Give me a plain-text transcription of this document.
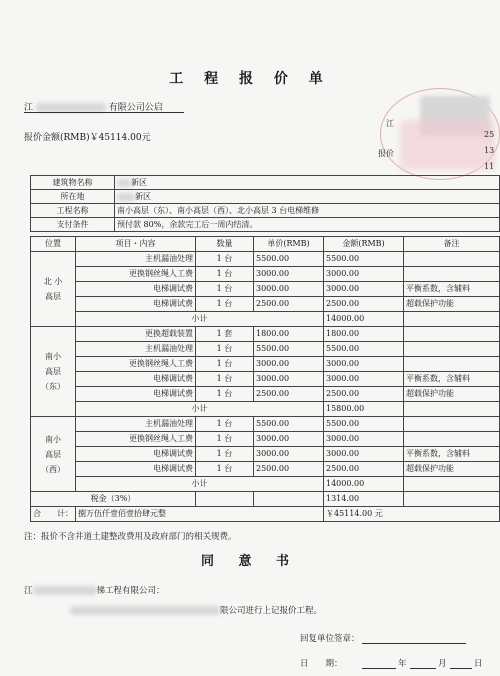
工 程 报 价 单
江	有限公司公启
报价金额(RMB)￥45114.00元
江
报价
25
13
11
建筑物名称	新区
所在地	新区
工程名称	南小高层（东）、南小高层（西）、北小高层 3 台电梯维修
支付条件	预付款 80%，余款完工后一周内结清。
位置	项目・内容	数量	单价(RMB)	金额(RMB)	备注
北 小
高层	主机漏油处理	1 台	5500.00	5500.00	
	更换钢丝绳人工费	1 台	3000.00	3000.00	
	电梯调试费	1 台	3000.00	3000.00	平衡系数，含辅料
	电梯调试费	1 台	2500.00	2500.00	超载保护功能
	小计			14000.00	
南小
高层
（东）	更换超载装置	1 套	1800.00	1800.00	
	主机漏油处理	1 台	5500.00	5500.00	
	更换钢丝绳人工费	1 台	3000.00	3000.00	
	电梯调试费	1 台	3000.00	3000.00	平衡系数，含辅料
	电梯调试费	1 台	2500.00	2500.00	超载保护功能
	小计			15800.00	
南小
高层
（西）	主机漏油处理	1 台	5500.00	5500.00	
	更换钢丝绳人工费	1 台	3000.00	3000.00	
	电梯调试费	1 台	3000.00	3000.00	平衡系数，含辅料
	电梯调试费	1 台	2500.00	2500.00	超载保护功能
	小计			14000.00	
税金（3%）				1314.00	
合　　计：	捌万伍仟壹佰壹拾肆元整			￥45114.00 元	
注：报价不含井道土建整改费用及政府部门的相关规费。
同 意 书
江	梯工程有限公司：
限公司进行上记报价工程。
回复单位签章：
日　　期：	年	月	日
